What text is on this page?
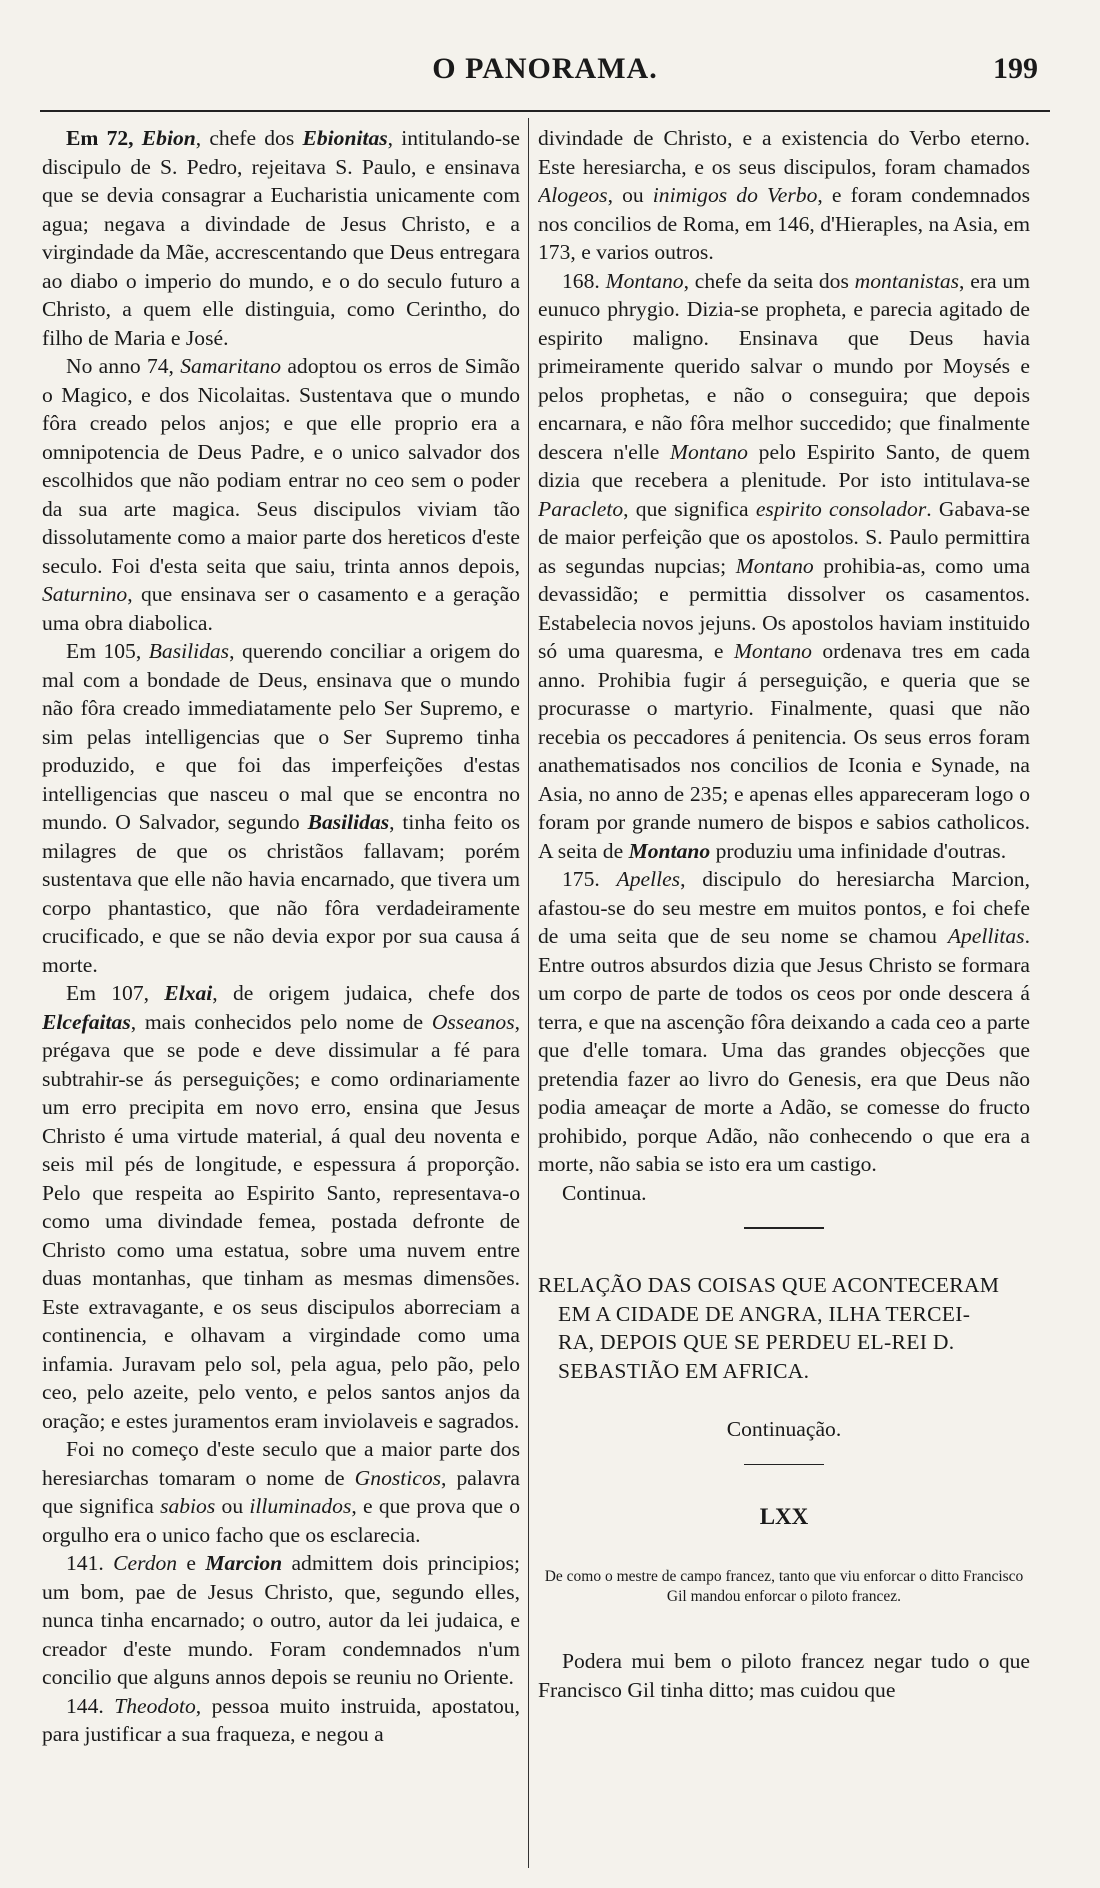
O PANORAMA.	199

Em 72, Ebion, chefe dos Ebionitas, intitulando-se discipulo de S. Pedro, rejeitava S. Paulo, e ensinava que se devia consagrar a Eucharistia unicamente com agua; negava a divindade de Jesus Christo, e a virgindade da Mãe, accrescentando que Deus entregara ao diabo o imperio do mundo, e o do seculo futuro a Christo, a quem elle distinguia, como Cerintho, do filho de Maria e José.

No anno 74, Samaritano adoptou os erros de Simão o Magico, e dos Nicolaitas. Sustentava que o mundo fôra creado pelos anjos; e que elle proprio era a omnipotencia de Deus Padre, e o unico salvador dos escolhidos que não podiam entrar no ceo sem o poder da sua arte magica. Seus discipulos viviam tão dissolutamente como a maior parte dos hereticos d'este seculo. Foi d'esta seita que saiu, trinta annos depois, Saturnino, que ensinava ser o casamento e a geração uma obra diabolica.

Em 105, Basilidas, querendo conciliar a origem do mal com a bondade de Deus, ensinava que o mundo não fôra creado immediatamente pelo Ser Supremo, e sim pelas intelligencias que o Ser Supremo tinha produzido, e que foi das imperfeições d'estas intelligencias que nasceu o mal que se encontra no mundo. O Salvador, segundo Basilidas, tinha feito os milagres de que os christãos fallavam; porém sustentava que elle não havia encarnado, que tivera um corpo phantastico, que não fôra verdadeiramente crucificado, e que se não devia expor por sua causa á morte.

Em 107, Elxai, de origem judaica, chefe dos Elcefaitas, mais conhecidos pelo nome de Osseanos, prégava que se pode e deve dissimular a fé para subtrahir-se ás perseguições; e como ordinariamente um erro precipita em novo erro, ensina que Jesus Christo é uma virtude material, á qual deu noventa e seis mil pés de longitude, e espessura á proporção. Pelo que respeita ao Espirito Santo, representava-o como uma divindade femea, postada defronte de Christo como uma estatua, sobre uma nuvem entre duas montanhas, que tinham as mesmas dimensões. Este extravagante, e os seus discipulos aborreciam a continencia, e olhavam a virgindade como uma infamia. Juravam pelo sol, pela agua, pelo pão, pelo ceo, pelo azeite, pelo vento, e pelos santos anjos da oração; e estes juramentos eram inviolaveis e sagrados.

Foi no começo d'este seculo que a maior parte dos heresiarchas tomaram o nome de Gnosticos, palavra que significa sabios ou illuminados, e que prova que o orgulho era o unico facho que os esclarecia.

141. Cerdon e Marcion admittem dois principios; um bom, pae de Jesus Christo, que, segundo elles, nunca tinha encarnado; o outro, autor da lei judaica, e creador d'este mundo. Foram condemnados n'um concilio que alguns annos depois se reuniu no Oriente.

144. Theodoto, pessoa muito instruida, apostatou, para justificar a sua fraqueza, e negou a

divindade de Christo, e a existencia do Verbo eterno. Este heresiarcha, e os seus discipulos, foram chamados Alogeos, ou inimigos do Verbo, e foram condemnados nos concilios de Roma, em 146, d'Hieraples, na Asia, em 173, e varios outros.

168. Montano, chefe da seita dos montanistas, era um eunuco phrygio. Dizia-se propheta, e parecia agitado de espirito maligno. Ensinava que Deus havia primeiramente querido salvar o mundo por Moysés e pelos prophetas, e não o conseguira; que depois encarnara, e não fôra melhor succedido; que finalmente descera n'elle Montano pelo Espirito Santo, de quem dizia que recebera a plenitude. Por isto intitulava-se Paracleto, que significa espirito consolador. Gabava-se de maior perfeição que os apostolos. S. Paulo permittira as segundas nupcias; Montano prohibia-as, como uma devassidão; e permittia dissolver os casamentos. Estabelecia novos jejuns. Os apostolos haviam instituido só uma quaresma, e Montano ordenava tres em cada anno. Prohibia fugir á perseguição, e queria que se procurasse o martyrio. Finalmente, quasi que não recebia os peccadores á penitencia. Os seus erros foram anathematisados nos concilios de Iconia e Synade, na Asia, no anno de 235; e apenas elles appareceram logo o foram por grande numero de bispos e sabios catholicos. A seita de Montano produziu uma infinidade d'outras.

175. Apelles, discipulo do heresiarcha Marcion, afastou-se do seu mestre em muitos pontos, e foi chefe de uma seita que de seu nome se chamou Apellitas. Entre outros absurdos dizia que Jesus Christo se formara um corpo de parte de todos os ceos por onde descera á terra, e que na ascenção fôra deixando a cada ceo a parte que d'elle tomara. Uma das grandes objecções que pretendia fazer ao livro do Genesis, era que Deus não podia ameaçar de morte a Adão, se comesse do fructo prohibido, porque Adão, não conhecendo o que era a morte, não sabia se isto era um castigo.

Continua.

RELAÇÃO DAS COISAS QUE ACONTECERAM
EM A CIDADE DE ANGRA, ILHA TERCEI-
RA, DEPOIS QUE SE PERDEU EL-REI D.
SEBASTIÃO EM AFRICA.
Continuação.
LXX
De como o mestre de campo francez, tanto que viu enforcar o ditto Francisco Gil mandou enforcar o piloto francez.

Podera mui bem o piloto francez negar tudo o que Francisco Gil tinha ditto; mas cuidou que
